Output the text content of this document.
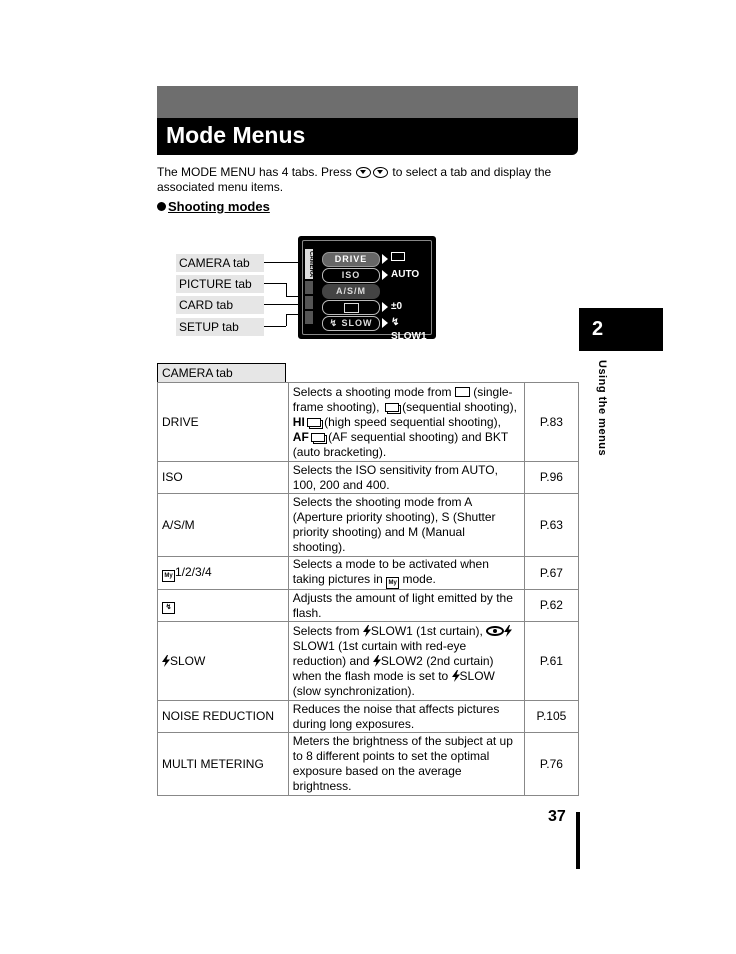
Mode Menus
The MODE MENU has 4 tabs. Press	to select a tab and display the associated menu items.
Shooting modes
CAMERA tab
PICTURE tab
CARD tab
SETUP tab
CAMERA	DRIVE
ISO	AUTO
A/S/M
±0
↯ SLOW	↯ SLOW1	2
Using the menus
CAMERA tab
DRIVE	Selects a shooting mode from  (single-frame shooting),  (sequential shooting), HI (high speed sequential shooting), AF (AF sequential shooting) and BKT (auto bracketing).	P.83
ISO	Selects the ISO sensitivity from AUTO, 100, 200 and 400.	P.96
A/S/M	Selects the shooting mode from A (Aperture priority shooting), S (Shutter priority shooting) and M (Manual shooting).	P.63
My 1/2/3/4	Selects a mode to be activated when taking pictures in My mode.	P.67
↯	Adjusts the amount of light emitted by the flash.	P.62
SLOW	Selects from SLOW1 (1st curtain), SLOW1 (1st curtain with red-eye reduction) and SLOW2 (2nd curtain) when the flash mode is set to SLOW (slow synchronization).	P.61
NOISE REDUCTION	Reduces the noise that affects pictures during long exposures.	P.105
MULTI METERING	Meters the brightness of the subject at up to 8 different points to set the optimal exposure based on the average brightness.	P.76
37
